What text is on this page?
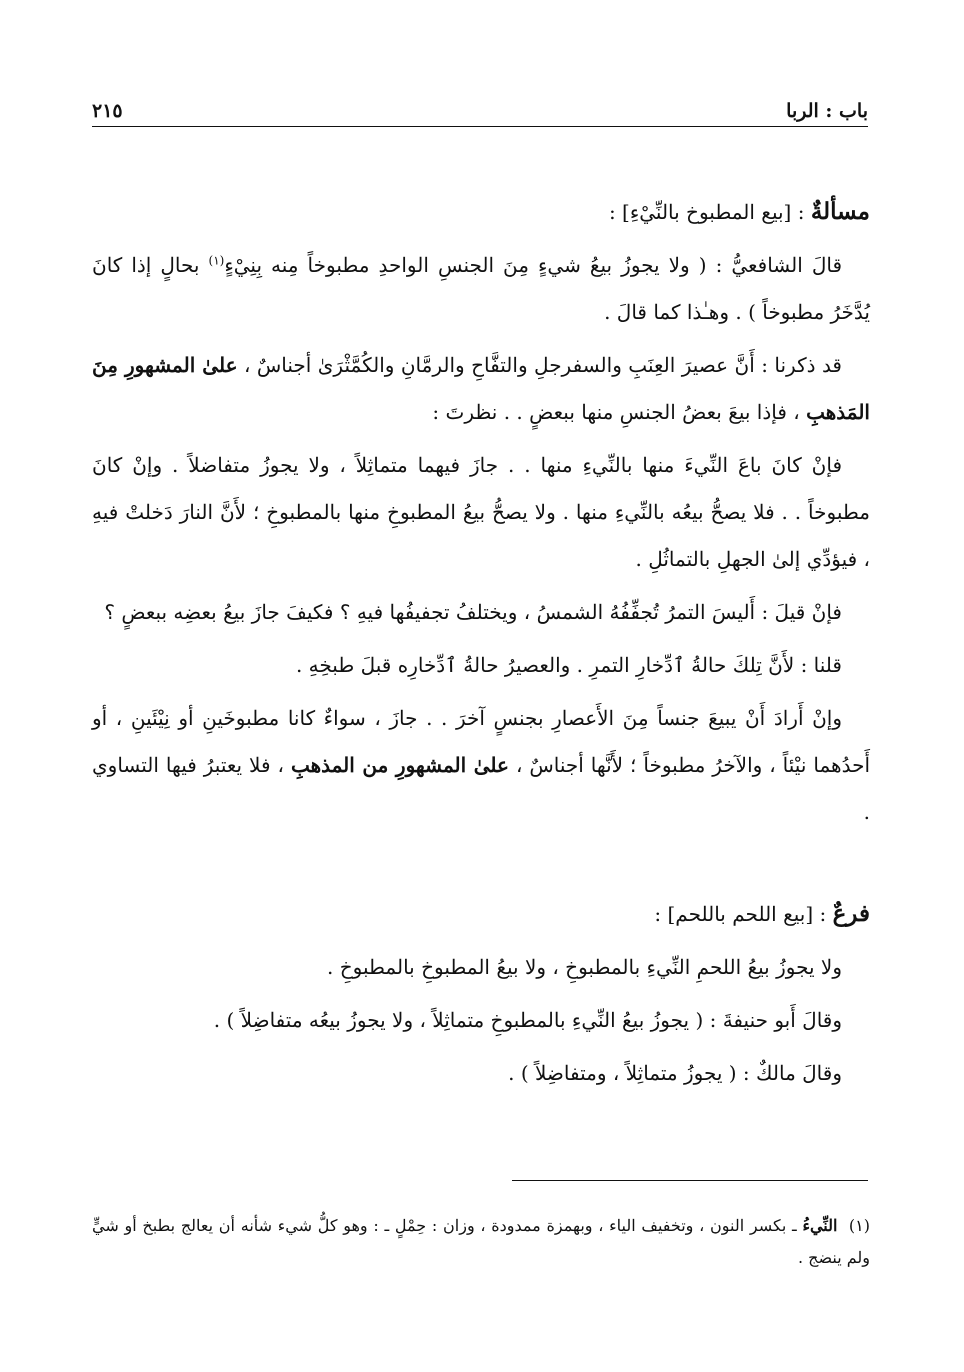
٢١٥	باب : الربا

مسألةٌ : [بيع المطبوخ بالنِّيْءِ] :

قالَ الشافعيُّ : ( ولا يجوزُ بيعُ شيءٍ مِنَ الجنسِ الواحدِ مطبوخاً مِنه بِنِيْءٍ$^{(١)}$ بحالٍ إذا كانَ يُدَّخَرُ مطبوخاً ) . وهـٰذا كما قالَ .

قد ذكرنا : أَنَّ عصيرَ العِنَبِ والسفرجلِ والتفَّاحِ والرمَّانِ والكُمَّثْرَىٰ أجناسٌ ، علىٰ المشهورِ مِنَ المَذهبِ ، فإذا بيعَ بعضُ الجنسِ منها ببعضٍ . . نظرتَ :

فإنْ كانَ باعَ النِّيءَ منها بالنِّيءِ منها . . جازَ فيهما متماثِلاً ، ولا يجوزُ متفاضلاً . وإنْ كانَ مطبوخاً . . فلا يصحُّ بيعُه بالنِّيءِ منها . ولا يصحُّ بيعُ المطبوخِ منها بالمطبوخِ ؛ لأَنَّ النارَ دَخلتْ فيهِ ، فيؤدِّي إلىٰ الجهلِ بالتماثُلِ .

فإنْ قيلَ : أَليسَ التمرُ تُجفِّفُهُ الشمسُ ، ويختلفُ تجفيفُها فيهِ ؟ فكيفَ جازَ بيعُ بعضِه ببعضٍ ؟

قلنا : لأَنَّ تِلكَ حالةُ ٱدِّخارِ التمرِ . والعصيرُ حالةُ ٱدِّخارِه قبلَ طبخِهِ .

وإنْ أَرادَ أَنْ يبيعَ جنساً مِنَ الأَعصارِ بجنسٍ آخرَ . . جازَ ، سواءٌ كانا مطبوخَينِ أو نِيْئَينِ ، أو أَحدُهما نيْئاً ، والآخرُ مطبوخاً ؛ لأَنَّها أجناسٌ ، علىٰ المشهورِ من المذهبِ ، فلا يعتبرُ فيها التساوي .

فرعٌ : [بيع اللحم باللحم] :

ولا يجوزُ بيعُ اللحمِ النِّيءِ بالمطبوخِ ، ولا بيعُ المطبوخِ بالمطبوخِ .

وقالَ أَبو حنيفةَ : ( يجوزُ بيعُ النِّيءِ بالمطبوخِ متماثِلاً ، ولا يجوزُ بيعُه متفاضِلاً ) .

وقالَ مالكٌ : ( يجوزُ متماثِلاً ، ومتفاضِلاً ) .

(١)  النِّيءُ ـ بكسر النون ، وتخفيف الياء ، وبهمزة ممدودة ، وزان : حِمْلٍ ـ : وهو كلُّ شيء شأنه أن يعالج بطبخ أو شيٍّ ولم ينضج .
